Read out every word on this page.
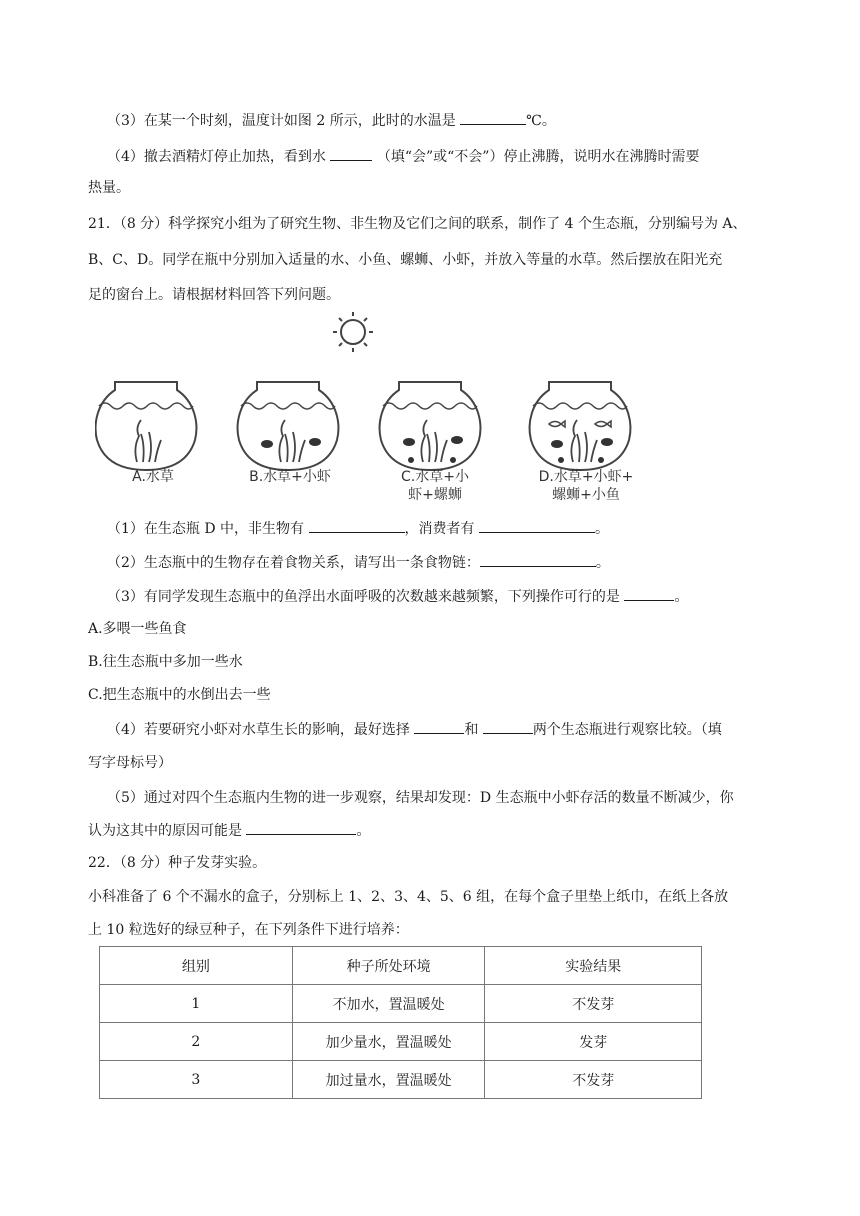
（3）在某一个时刻，温度计如图 2 所示，此时的水温是	℃。
（4）撤去酒精灯停止加热，看到水	（填“会”或“不会”）停止沸腾，说明水在沸腾时需要
热量。
21．（8 分）科学探究小组为了研究生物、非生物及它们之间的联系，制作了 4 个生态瓶，分别编号为 A、
B、C、D。同学在瓶中分别加入适量的水、小鱼、螺蛳、小虾，并放入等量的水草。然后摆放在阳光充
足的窗台上。请根据材料回答下列问题。
A.水草	B.水草+小虾	C.水草+小
虾+螺蛳
D.水草+小虾+
螺蛳+小鱼
（1）在生态瓶 D 中，非生物有	，消费者有	。
（2）生态瓶中的生物存在着食物关系，请写出一条食物链：	。
（3）有同学发现生态瓶中的鱼浮出水面呼吸的次数越来越频繁，下列操作可行的是	。
A.多喂一些鱼食
B.往生态瓶中多加一些水
C.把生态瓶中的水倒出去一些
（4）若要研究小虾对水草生长的影响，最好选择	和	两个生态瓶进行观察比较。（填
写字母标号）
（5）通过对四个生态瓶内生物的进一步观察，结果却发现：D 生态瓶中小虾存活的数量不断减少，你
认为这其中的原因可能是	。
22．（8 分）种子发芽实验。
小科准备了 6 个不漏水的盒子，分别标上 1、2、3、4、5、6 组，在每个盒子里垫上纸巾，在纸上各放
上 10 粒选好的绿豆种子，在下列条件下进行培养：
组别	种子所处环境	实验结果
1	不加水，置温暖处	不发芽
2	加少量水，置温暖处	发芽
3	加过量水，置温暖处	不发芽
